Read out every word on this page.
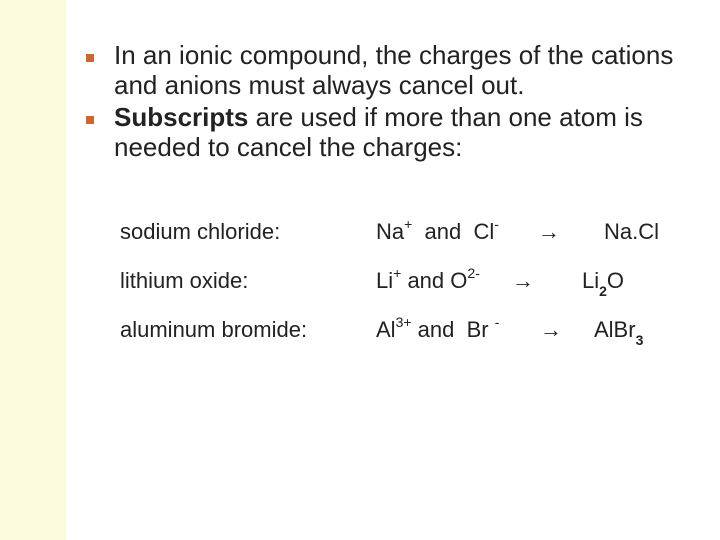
In an ionic compound, the charges of the cations and anions must always cancel out.
Subscripts are used if more than one atom is needed to cancel the charges:
sodium chloride:	Na+ and Cl- → Na.Cl
lithium oxide:	Li+ and $O^{2-} \to Li_2O$
aluminum bromide:	$Al^{3+}$ and Br - → AlBr$_3$
